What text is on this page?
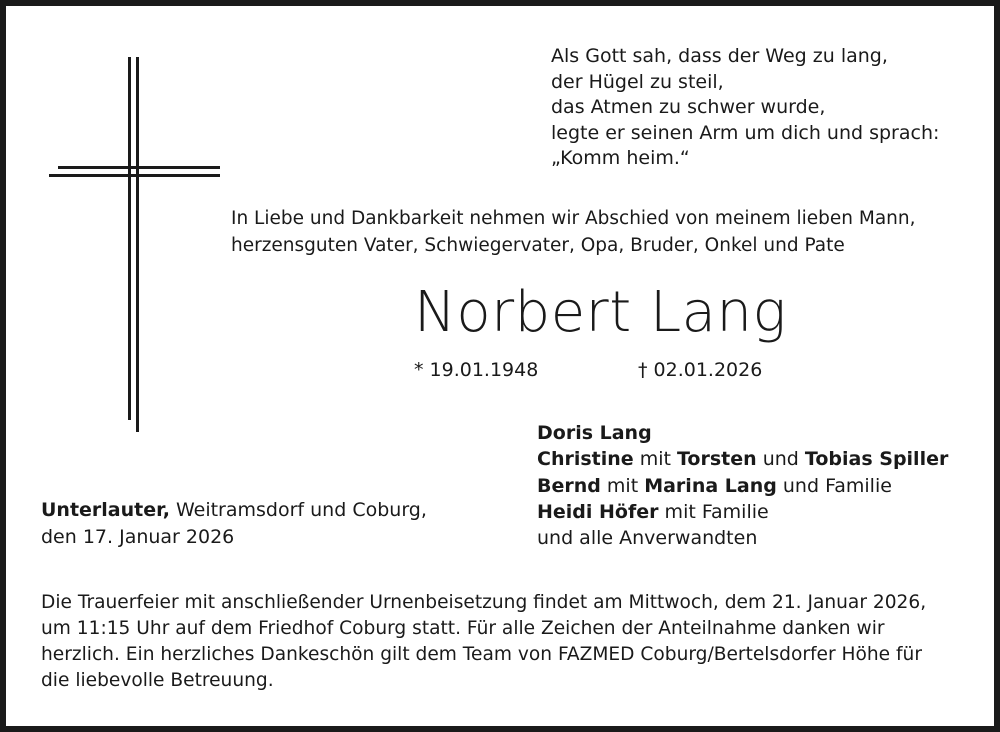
Als Gott sah, dass der Weg zu lang,
der Hügel zu steil,
das Atmen zu schwer wurde,
legte er seinen Arm um dich und sprach:
„Komm heim.“
In Liebe und Dankbarkeit nehmen wir Abschied von meinem lieben Mann,
herzensguten Vater, Schwiegervater, Opa, Bruder, Onkel und Pate
Norbert Lang
* 19.01.1948	† 02.01.2026
Doris Lang
Christine mit Torsten und Tobias Spiller
Bernd mit Marina Lang und Familie
Heidi Höfer mit Familie
und alle Anverwandten
Unterlauter, Weitramsdorf und Coburg,
den 17. Januar 2026
Die Trauerfeier mit anschließender Urnenbeisetzung findet am Mittwoch, dem 21. Januar 2026,
um 11:15 Uhr auf dem Friedhof Coburg statt. Für alle Zeichen der Anteilnahme danken wir
herzlich. Ein herzliches Dankeschön gilt dem Team von FAZMED Coburg/Bertelsdorfer Höhe für
die liebevolle Betreuung.
